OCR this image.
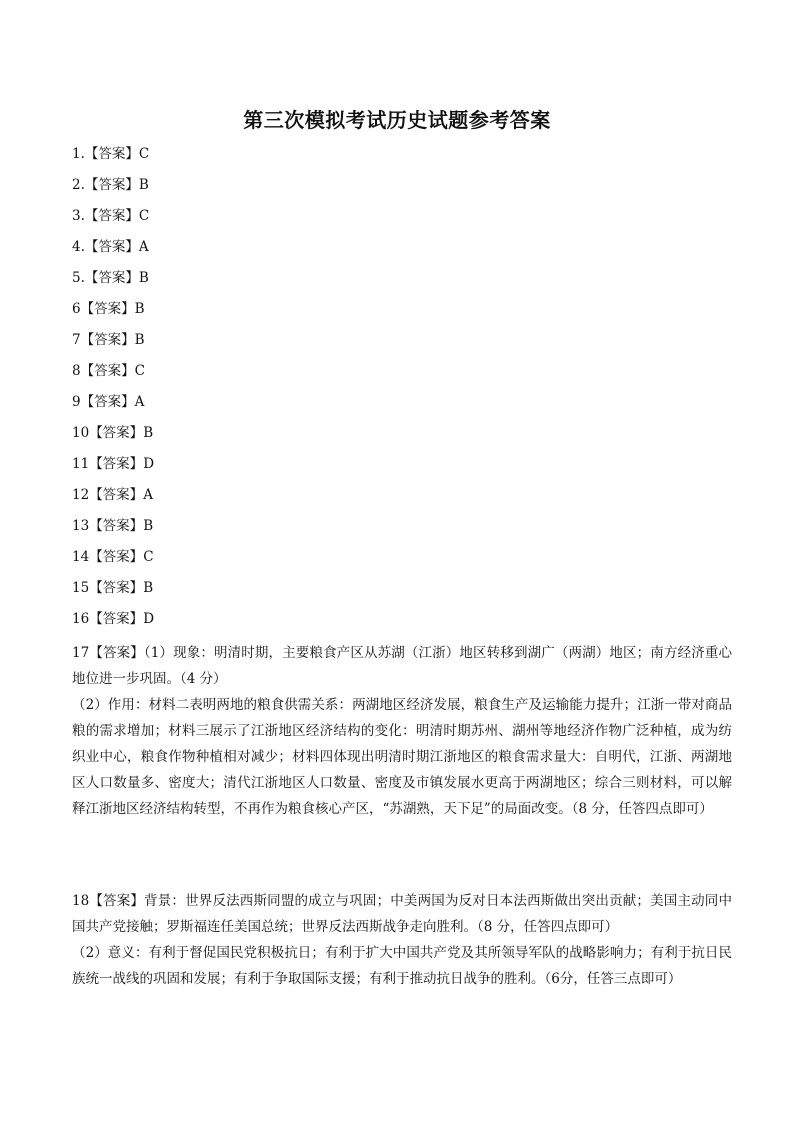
第三次模拟考试历史试题参考答案
1.【答案】C
2.【答案】B
3.【答案】C
4.【答案】A
5.【答案】B
6【答案】B
7【答案】B
8【答案】C
9【答案】A
10【答案】B
11【答案】D
12【答案】A
13【答案】B
14【答案】C
15【答案】B
16【答案】D

17【答案】（1）现象：明清时期，主要粮食产区从苏湖（江浙）地区转移到湖广（两湖）地区；南方经济重心地位进一步巩固。（4 分）

（2）作用：材料二表明两地的粮食供需关系：两湖地区经济发展，粮食生产及运输能力提升；江浙一带对商品粮的需求增加；材料三展示了江浙地区经济结构的变化：明清时期苏州、湖州等地经济作物广泛种植，成为纺织业中心，粮食作物种植相对减少；材料四体现出明清时期江浙地区的粮食需求量大：自明代，江浙、两湖地区人口数量多、密度大；清代江浙地区人口数量、密度及市镇发展水更高于两湖地区；综合三则材料，可以解释江浙地区经济结构转型，不再作为粮食核心产区，“苏湖熟，天下足”的局面改变。（8 分，任答四点即可）

18【答案】背景：世界反法西斯同盟的成立与巩固；中美两国为反对日本法西斯做出突出贡献；美国主动同中国共产党接触；罗斯福连任美国总统；世界反法西斯战争走向胜利。（8 分，任答四点即可）

（2）意义：有利于督促国民党积极抗日；有利于扩大中国共产党及其所领导军队的战略影响力；有利于抗日民族统一战线的巩固和发展；有利于争取国际支援；有利于推动抗日战争的胜利。（6分，任答三点即可）
